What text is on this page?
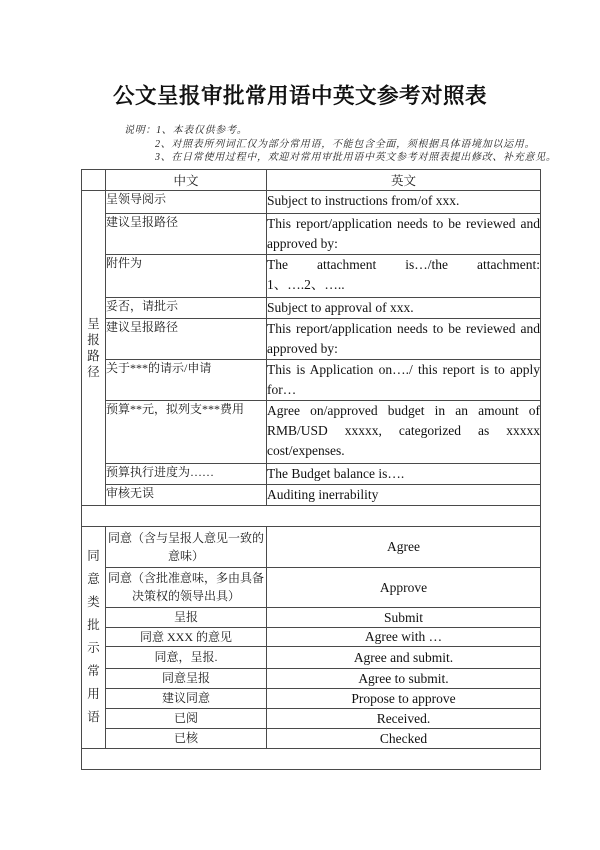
公文呈报审批常用语中英文参考对照表
说明：1、本表仅供参考。
2、对照表所列词汇仅为部分常用语，不能包含全面，须根据具体语境加以运用。
3、在日常使用过程中，欢迎对常用审批用语中英文参考对照表提出修改、补充意见。
	中文	英文

呈报路径	呈领导阅示	Subject to instructions from/of xxx.
	建议呈报路径	This report/application needs to be reviewed and approved by:
	附件为	The attachment is…/the attachment: 1、….2、…..
	妥否，请批示	Subject to approval of xxx.
	建议呈报路径	This report/application needs to be reviewed and approved by:
	关于***的请示/申请	This is Application on…./ this report is to apply for…
	预算**元，拟列支***费用	Agree on/approved budget in an amount of RMB/USD xxxxx, categorized as xxxxx cost/expenses.
	预算执行进度为……	The Budget balance is….
	审核无误	Auditing inerrability

同意类批示常用语	同意（含与呈报人意见一致的意味）	Agree
	同意（含批准意味，多由具备决策权的领导出具）	Approve
	呈报	Submit
	同意 XXX 的意见	Agree with …
	同意，呈报.	Agree and submit.
	同意呈报	Agree to submit.
	建议同意	Propose to approve
	已阅	Received.
	已核	Checked
